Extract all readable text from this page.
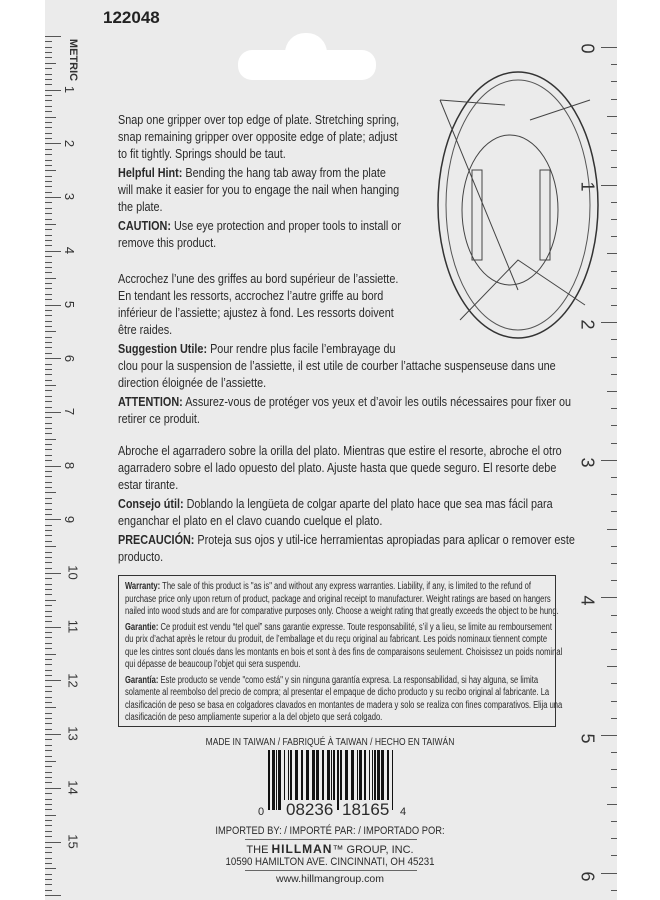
122048
Snap one gripper over top edge of plate. Stretching spring,
snap remaining gripper over opposite edge of plate; adjust
to fit tightly. Springs should be taut.
Helpful Hint: Bending the hang tab away from the plate
will make it easier for you to engage the nail when hanging
the plate.
CAUTION: Use eye protection and proper tools to install or
remove this product.
Accrochez l’une des griffes au bord supérieur de l’assiette.
En tendant les ressorts, accrochez l’autre griffe au bord
inférieur de l’assiette; ajustez à fond. Les ressorts doivent
être raides.
Suggestion Utile: Pour rendre plus facile l’embrayage du
clou pour la suspension de l’assiette, il est utile de courber l’attache suspenseuse dans une
direction éloignée de l’assiette.
ATTENTION: Assurez-vous de protéger vos yeux et d’avoir les outils nécessaires pour fixer ou
retirer ce produit.
Abroche el agarradero sobre la orilla del plato. Mientras que estire el resorte, abroche el otro
agarradero sobre el lado opuesto del plato. Ajuste hasta que quede seguro. El resorte debe
estar tirante.
Consejo útil: Doblando la lengüeta de colgar aparte del plato hace que sea mas fácil para
enganchar el plato en el clavo cuando cuelque el plato.
PRECAUCIÓN: Proteja sus ojos y util-ice herramientas apropiadas para aplicar o remover este
producto.
Warranty: The sale of this product is "as is" and without any express warranties. Liability, if any, is limited to the refund of
purchase price only upon return of product, package and original receipt to manufacturer. Weight ratings are based on hangers
nailed into wood studs and are for comparative purposes only. Choose a weight rating that greatly exceeds the object to be hung.
Garantie: Ce produit est vendu “tel quel” sans garantie expresse. Toute responsabilité, s’il y a lieu, se limite au remboursement
du prix d’achat après le retour du produit, de l’emballage et du reçu original au fabricant. Les poids nominaux tiennent compte
que les cintres sont cloués dans les montants en bois et sont à des fins de comparaisons seulement. Choisissez un poids nominal
qui dépasse de beaucoup l’objet qui sera suspendu.
Garantía: Este producto se vende "como está" y sin ninguna garantía expresa. La responsabilidad, si hay alguna, se limita
solamente al reembolso del precio de compra; al presentar el empaque de dicho producto y su recibo original al fabricante. La
clasificación de peso se basa en colgadores clavados en montantes de madera y solo se realiza con fines comparativos. Elija una
clasificación de peso ampliamente superior a la del objeto que será colgado.
MADE IN TAIWAN / FABRIQUÉ À TAIWAN / HECHO EN TAIWÁN
0 08236 18165 4
IMPORTED BY: / IMPORTÉ PAR: / IMPORTADO POR:
THE HILLMAN™ GROUP, INC.
10590 HAMILTON AVE. CINCINNATI, OH 45231
www.hillmangroup.com
METRIC
1
2
3
4
5
6
7
8
9
10
11
12
13
14
15
0
1
2
3
4
5
6
